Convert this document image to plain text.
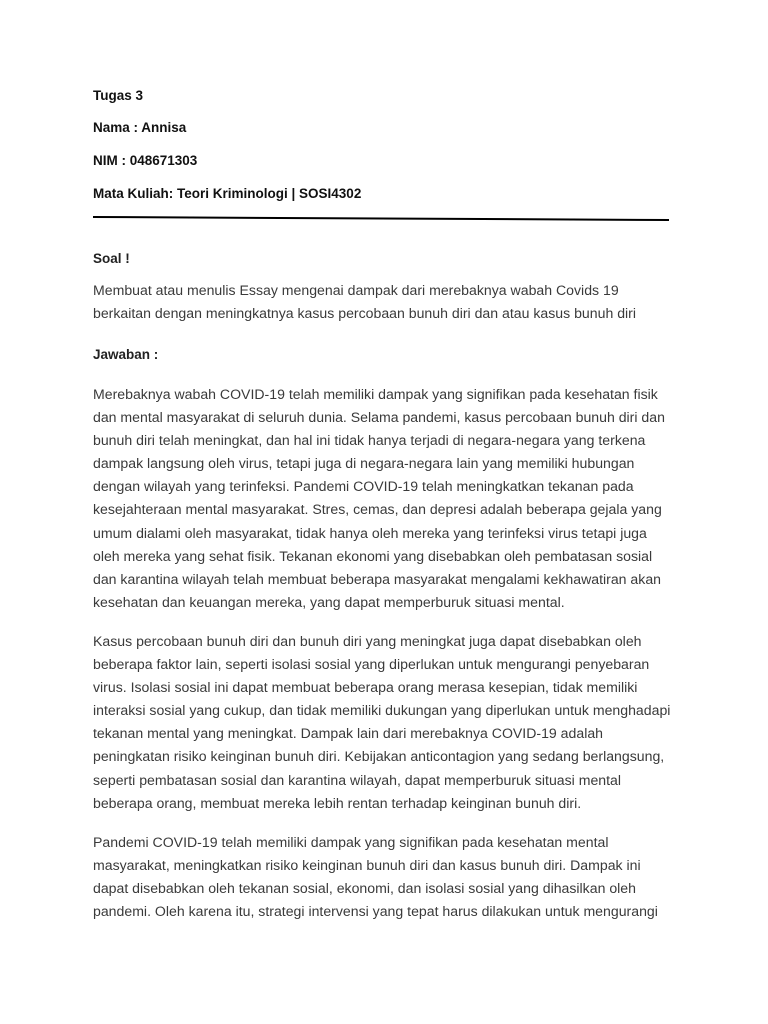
Tugas 3
Nama : Annisa
NIM : 048671303
Mata Kuliah: Teori Kriminologi | SOSI4302
Soal !

Membuat atau menulis Essay mengenai dampak dari merebaknya wabah Covids 19
berkaitan dengan meningkatnya kasus percobaan bunuh diri dan atau kasus bunuh diri

Jawaban :

Merebaknya wabah COVID-19 telah memiliki dampak yang signifikan pada kesehatan fisik
dan mental masyarakat di seluruh dunia. Selama pandemi, kasus percobaan bunuh diri dan
bunuh diri telah meningkat, dan hal ini tidak hanya terjadi di negara-negara yang terkena
dampak langsung oleh virus, tetapi juga di negara-negara lain yang memiliki hubungan
dengan wilayah yang terinfeksi. Pandemi COVID-19 telah meningkatkan tekanan pada
kesejahteraan mental masyarakat. Stres, cemas, dan depresi adalah beberapa gejala yang
umum dialami oleh masyarakat, tidak hanya oleh mereka yang terinfeksi virus tetapi juga
oleh mereka yang sehat fisik. Tekanan ekonomi yang disebabkan oleh pembatasan sosial
dan karantina wilayah telah membuat beberapa masyarakat mengalami kekhawatiran akan
kesehatan dan keuangan mereka, yang dapat memperburuk situasi mental.

Kasus percobaan bunuh diri dan bunuh diri yang meningkat juga dapat disebabkan oleh
beberapa faktor lain, seperti isolasi sosial yang diperlukan untuk mengurangi penyebaran
virus. Isolasi sosial ini dapat membuat beberapa orang merasa kesepian, tidak memiliki
interaksi sosial yang cukup, dan tidak memiliki dukungan yang diperlukan untuk menghadapi
tekanan mental yang meningkat. Dampak lain dari merebaknya COVID-19 adalah
peningkatan risiko keinginan bunuh diri. Kebijakan anticontagion yang sedang berlangsung,
seperti pembatasan sosial dan karantina wilayah, dapat memperburuk situasi mental
beberapa orang, membuat mereka lebih rentan terhadap keinginan bunuh diri.

Pandemi COVID-19 telah memiliki dampak yang signifikan pada kesehatan mental
masyarakat, meningkatkan risiko keinginan bunuh diri dan kasus bunuh diri. Dampak ini
dapat disebabkan oleh tekanan sosial, ekonomi, dan isolasi sosial yang dihasilkan oleh
pandemi. Oleh karena itu, strategi intervensi yang tepat harus dilakukan untuk mengurangi
